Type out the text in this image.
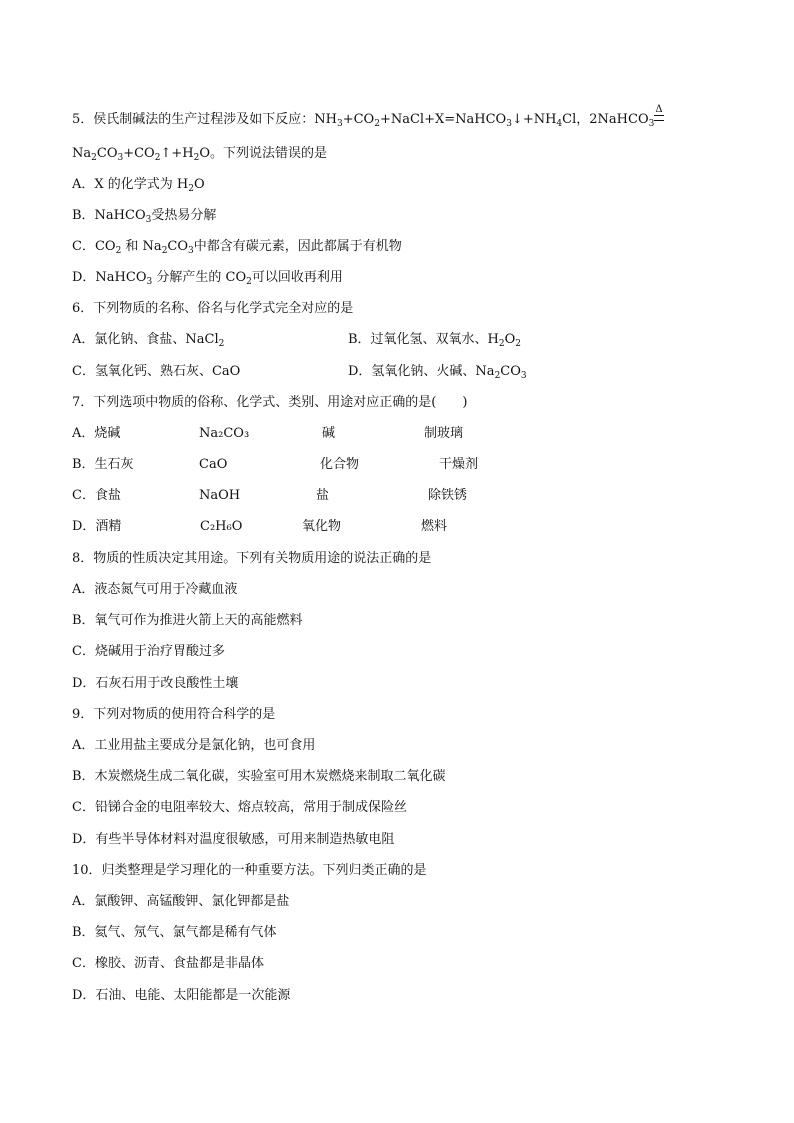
5．侯氏制碱法的生产过程涉及如下反应：$NH_3+CO_2+NaCl+X=NaHCO_3↓+NH_4Cl$，2NaHCO$_3$
Δ
$Na_2CO_3+CO_2↑+H_2O$。下列说法错误的是
A．X 的化学式为 $H_2O$
B．NaHCO$_3$受热易分解
C．$CO_2$ 和 $Na_2CO_3$中都含有碳元素，因此都属于有机物
D．NaHCO$_3$ 分解产生的 $CO_2$可以回收再利用
6．下列物质的名称、俗名与化学式完全对应的是
A．氯化钠、食盐、NaCl$_2$	B．过氧化氢、双氧水、$H_2O_2$
C．氢氧化钙、熟石灰、CaO	D．氢氧化钠、火碱、$Na_2CO_3$
7．下列选项中物质的俗称、化学式、类别、用途对应正确的是(　　)
A．烧碱	Na₂CO₃	碱	制玻璃
B．生石灰	CaO	化合物	干燥剂
C．食盐	NaOH	盐	除铁锈
D．酒精	C₂H₆O	氧化物	燃料
8．物质的性质决定其用途。下列有关物质用途的说法正确的是
A．液态氮气可用于冷藏血液
B．氧气可作为推进火箭上天的高能燃料
C．烧碱用于治疗胃酸过多
D．石灰石用于改良酸性土壤
9．下列对物质的使用符合科学的是
A．工业用盐主要成分是氯化钠，也可食用
B．木炭燃烧生成二氧化碳，实验室可用木炭燃烧来制取二氧化碳
C．铅锑合金的电阻率较大、熔点较高，常用于制成保险丝
D．有些半导体材料对温度很敏感，可用来制造热敏电阻
10．归类整理是学习理化的一种重要方法。下列归类正确的是
A．氯酸钾、高锰酸钾、氯化钾都是盐
B．氦气、氖气、氯气都是稀有气体
C．橡胶、沥青、食盐都是非晶体
D．石油、电能、太阳能都是一次能源
